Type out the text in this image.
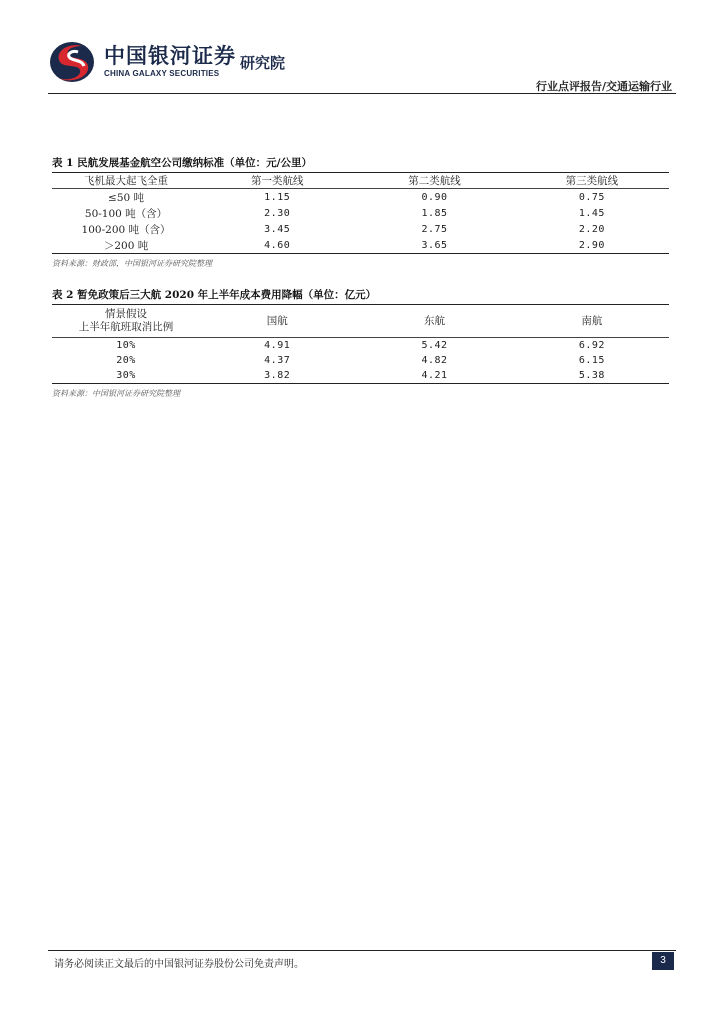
中国银河证券
CHINA GALAXY SECURITIES
研究院
行业点评报告/交通运输行业
表 1 民航发展基金航空公司缴纳标准（单位：元/公里）
飞机最大起飞全重	第一类航线	第二类航线	第三类航线
≤50 吨	1.15	0.90	0.75
50-100 吨（含）	2.30	1.85	1.45
100-200 吨（含）	3.45	2.75	2.20
＞200 吨	4.60	3.65	2.90
资料来源：财政部，中国银河证券研究院整理
表 2 暂免政策后三大航 2020 年上半年成本费用降幅（单位：亿元）
情景假设
上半年航班取消比例	国航	东航	南航
10%	4.91	5.42	6.92
20%	4.37	4.82	6.15
30%	3.82	4.21	5.38
资料来源：中国银河证券研究院整理
请务必阅读正文最后的中国银河证券股份公司免责声明。	3
